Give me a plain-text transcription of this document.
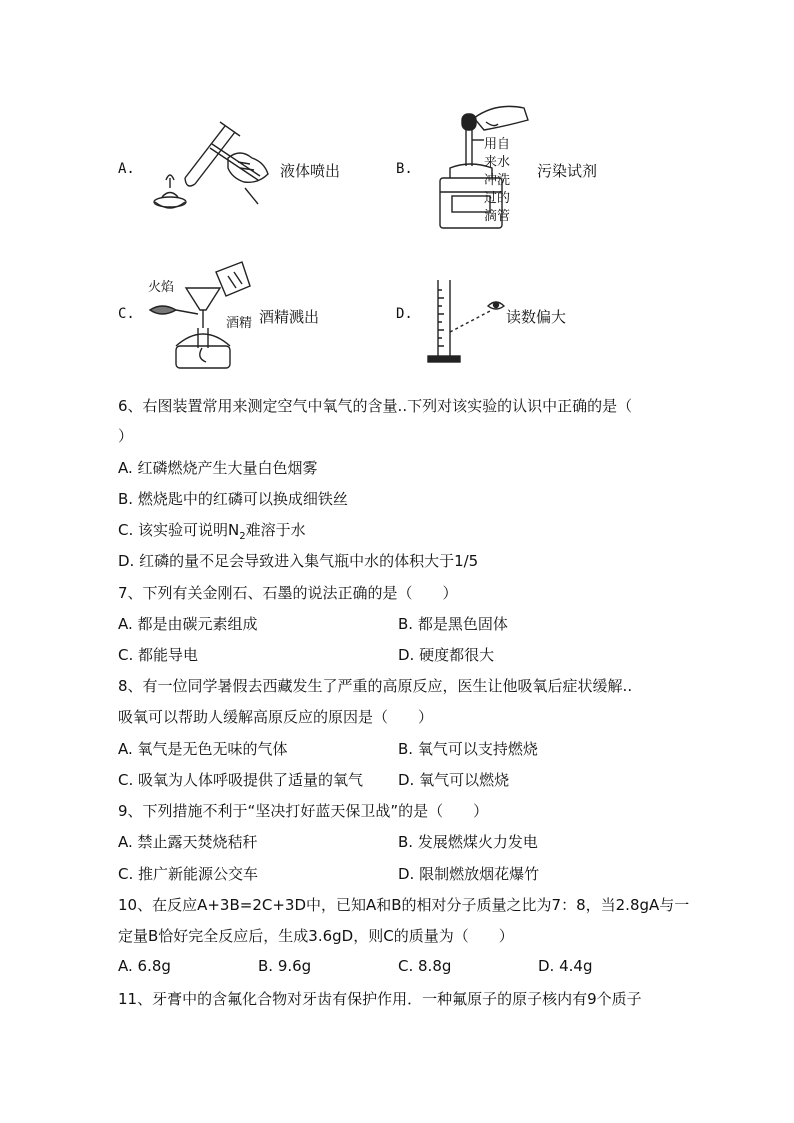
A.	液体喷出	B.
用自
来水
冲洗
过的
滴管
污染试剂
C.
火焰
酒精 酒精溅出	D.	读数偏大
6、右图装置常用来测定空气中氧气的含量..下列对该实验的认识中正确的是（
）
A. 红磷燃烧产生大量白色烟雾
B. 燃烧匙中的红磷可以换成细铁丝
C. 该实验可说明$N_2$难溶于水
D. 红磷的量不足会导致进入集气瓶中水的体积大于1/5
7、下列有关金刚石、石墨的说法正确的是（　　）
A. 都是由碳元素组成	B. 都是黑色固体
C. 都能导电	D. 硬度都很大
8、有一位同学暑假去西藏发生了严重的高原反应，医生让他吸氧后症状缓解..
吸氧可以帮助人缓解高原反应的原因是（　　）
A. 氧气是无色无味的气体	B. 氧气可以支持燃烧
C. 吸氧为人体呼吸提供了适量的氧气 D. 氧气可以燃烧
9、下列措施不利于“坚决打好蓝天保卫战”的是（　　）
A. 禁止露天焚烧秸秆	B. 发展燃煤火力发电
C. 推广新能源公交车	D. 限制燃放烟花爆竹
10、在反应A+3B=2C+3D中，已知A和B的相对分子质量之比为7：8，当2.8gA与一
定量B恰好完全反应后，生成3.6gD，则C的质量为（　　）
A. 6.8g	B. 9.6g	C. 8.8g	D. 4.4g
11、牙膏中的含氟化合物对牙齿有保护作用．一种氟原子的原子核内有9个质子
